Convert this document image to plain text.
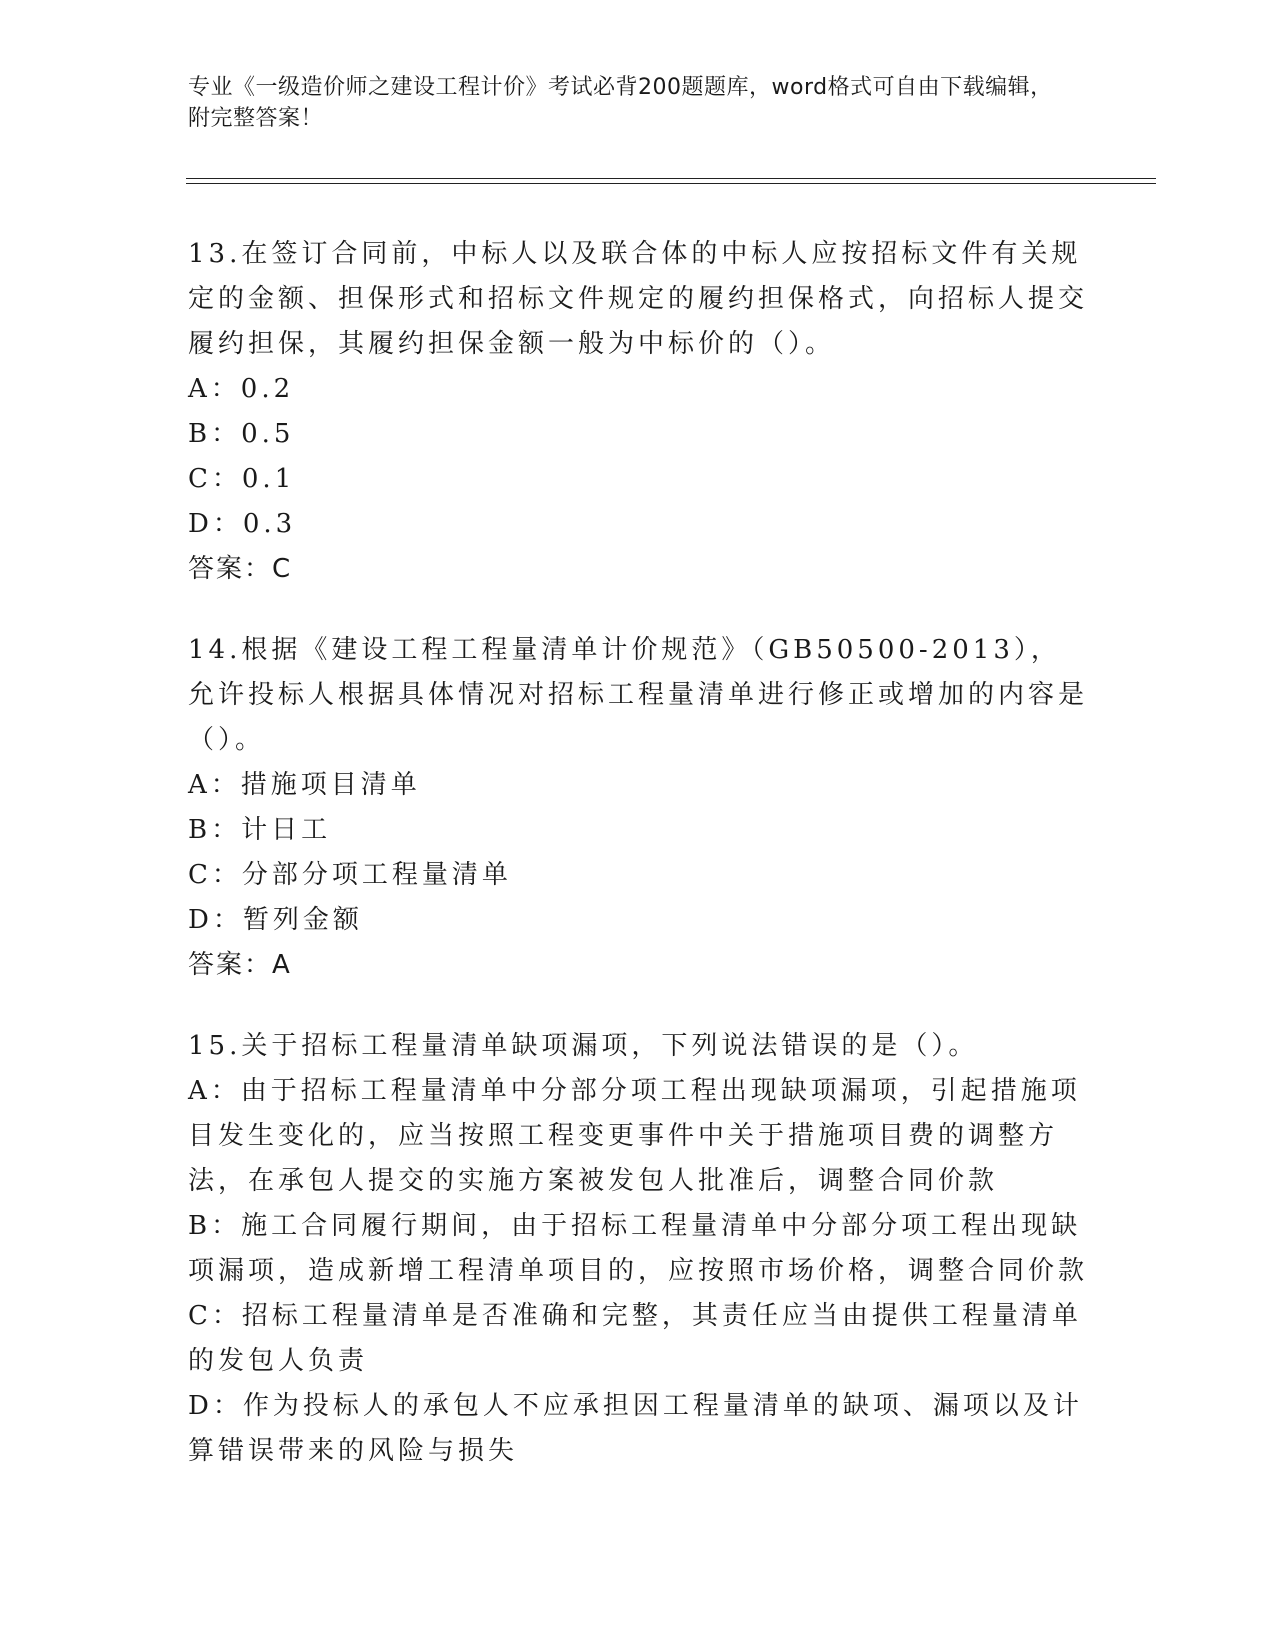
专业《一级造价师之建设工程计价》考试必背200题题库，word格式可自由下载编辑，附完整答案！

13.在签订合同前，中标人以及联合体的中标人应按招标文件有关规定的金额、担保形式和招标文件规定的履约担保格式，向招标人提交履约担保，其履约担保金额一般为中标价的（）。

A：0.2

B：0.5

C：0.1

D：0.3

答案：C

14.根据《建设工程工程量清单计价规范》（GB50500-2013），允许投标人根据具体情况对招标工程量清单进行修正或增加的内容是（）。

A：措施项目清单

B：计日工

C：分部分项工程量清单

D：暂列金额

答案：A

15.关于招标工程量清单缺项漏项，下列说法错误的是（）。

A：由于招标工程量清单中分部分项工程出现缺项漏项，引起措施项目发生变化的，应当按照工程变更事件中关于措施项目费的调整方法，在承包人提交的实施方案被发包人批准后，调整合同价款

B：施工合同履行期间，由于招标工程量清单中分部分项工程出现缺项漏项，造成新增工程清单项目的，应按照市场价格，调整合同价款

C：招标工程量清单是否准确和完整，其责任应当由提供工程量清单的发包人负责

D：作为投标人的承包人不应承担因工程量清单的缺项、漏项以及计算错误带来的风险与损失
